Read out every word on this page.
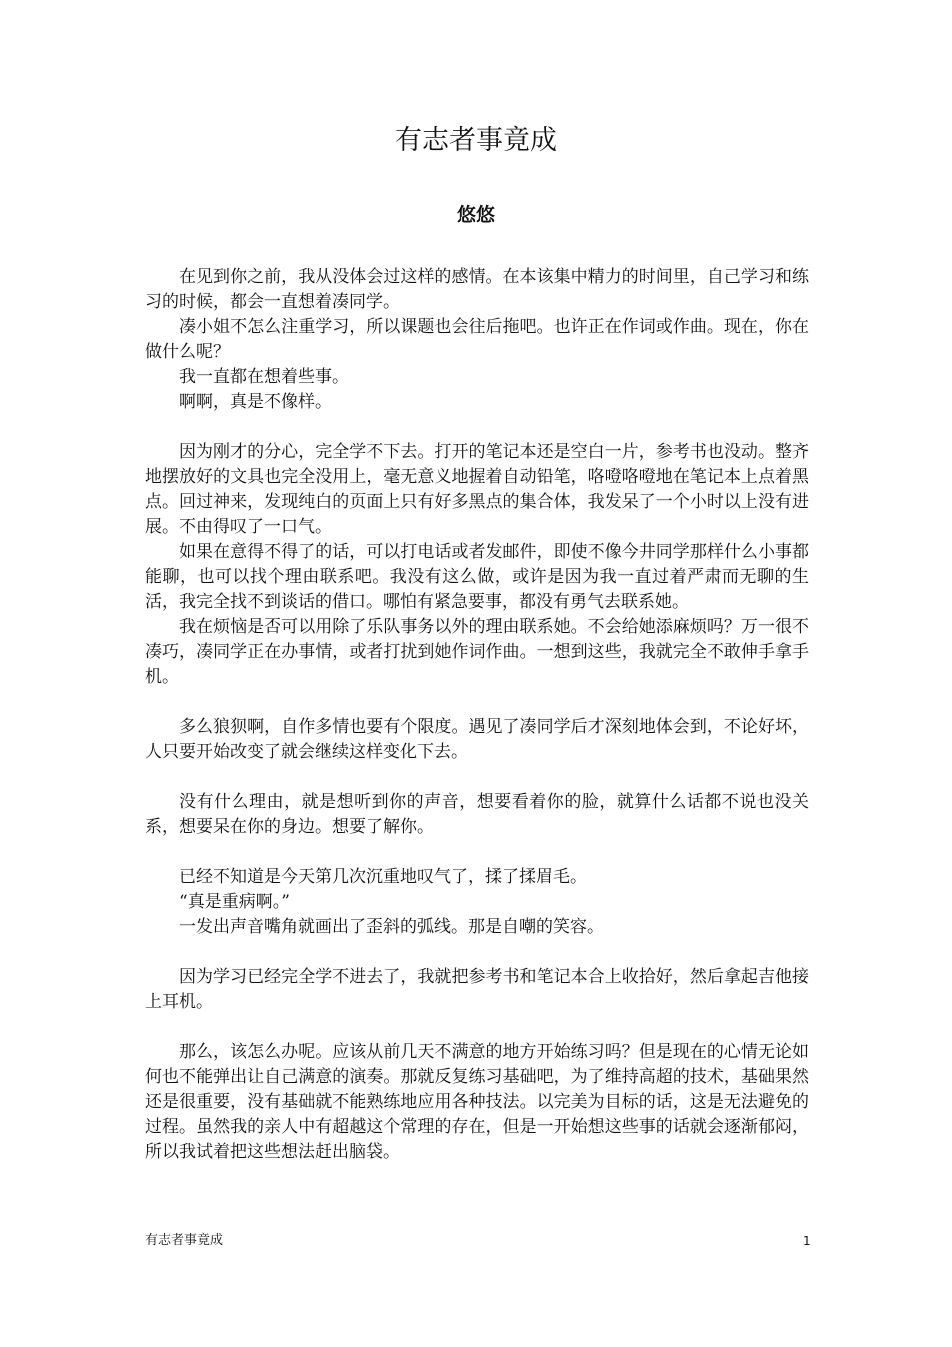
有志者事竟成
悠悠

在见到你之前，我从没体会过这样的感情。在本该集中精力的时间里，自己学习和练习的时候，都会一直想着凑同学。

凑小姐不怎么注重学习，所以课题也会往后拖吧。也许正在作词或作曲。现在，你在做什么呢？

我一直都在想着些事。

啊啊，真是不像样。

因为刚才的分心，完全学不下去。打开的笔记本还是空白一片，参考书也没动。整齐地摆放好的文具也完全没用上，毫无意义地握着自动铅笔，咯噔咯噔地在笔记本上点着黑点。回过神来，发现纯白的页面上只有好多黑点的集合体，我发呆了一个小时以上没有进展。不由得叹了一口气。

如果在意得不得了的话，可以打电话或者发邮件，即使不像今井同学那样什么小事都能聊，也可以找个理由联系吧。我没有这么做，或许是因为我一直过着严肃而无聊的生活，我完全找不到谈话的借口。哪怕有紧急要事，都没有勇气去联系她。

我在烦恼是否可以用除了乐队事务以外的理由联系她。不会给她添麻烦吗？万一很不凑巧，凑同学正在办事情，或者打扰到她作词作曲。一想到这些，我就完全不敢伸手拿手机。

多么狼狈啊，自作多情也要有个限度。遇见了凑同学后才深刻地体会到，不论好坏，人只要开始改变了就会继续这样变化下去。

没有什么理由，就是想听到你的声音，想要看着你的脸，就算什么话都不说也没关系，想要呆在你的身边。想要了解你。

已经不知道是今天第几次沉重地叹气了，揉了揉眉毛。

“真是重病啊。”

一发出声音嘴角就画出了歪斜的弧线。那是自嘲的笑容。

因为学习已经完全学不进去了，我就把参考书和笔记本合上收拾好，然后拿起吉他接上耳机。

那么，该怎么办呢。应该从前几天不满意的地方开始练习吗？但是现在的心情无论如何也不能弹出让自己满意的演奏。那就反复练习基础吧，为了维持高超的技术，基础果然还是很重要，没有基础就不能熟练地应用各种技法。以完美为目标的话，这是无法避免的过程。虽然我的亲人中有超越这个常理的存在，但是一开始想这些事的话就会逐渐郁闷，所以我试着把这些想法赶出脑袋。

有志者事竟成	1
